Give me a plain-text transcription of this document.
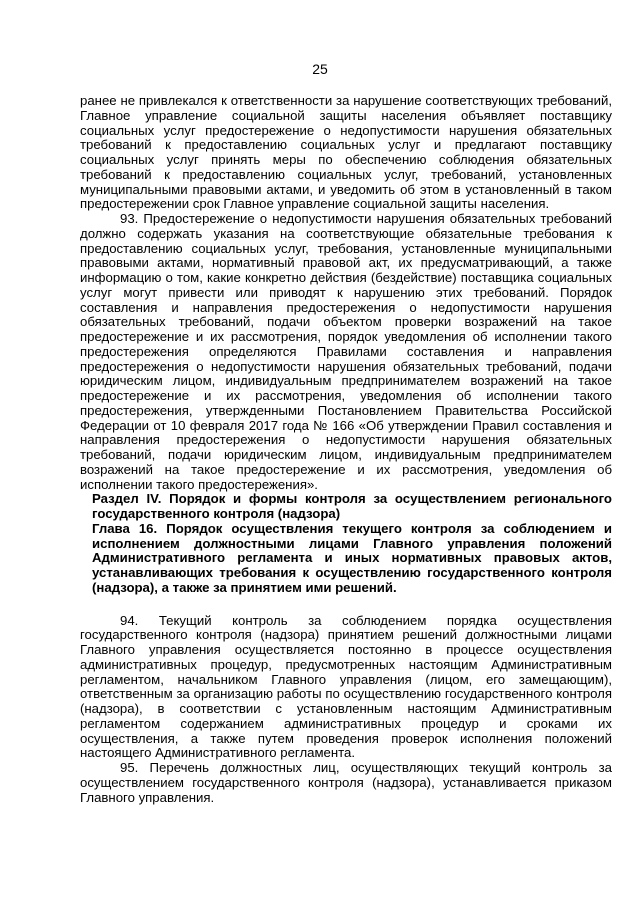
25

ранее не привлекался к ответственности за нарушение соответствующих требований, Главное управление социальной защиты населения объявляет поставщику социальных услуг предостережение о недопустимости нарушения обязательных требований к предоставлению социальных услуг и предлагают поставщику социальных услуг принять меры по обеспечению соблюдения обязательных требований к предоставлению социальных услуг, требований, установленных муниципальными правовыми актами, и уведомить об этом в установленный в таком предостережении срок Главное управление социальной защиты населения.

93. Предостережение о недопустимости нарушения обязательных требований должно содержать указания на соответствующие обязательные требования к предоставлению социальных услуг, требования, установленные муниципальными правовыми актами, нормативный правовой акт, их предусматривающий, а также информацию о том, какие конкретно действия (бездействие) поставщика социальных услуг могут привести или приводят к нарушению этих требований. Порядок составления и направления предостережения о недопустимости нарушения обязательных требований, подачи объектом проверки возражений на такое предостережение и их рассмотрения, порядок уведомления об исполнении такого предостережения определяются Правилами составления и направления предостережения о недопустимости нарушения обязательных требований, подачи юридическим лицом, индивидуальным предпринимателем возражений на такое предостережение и их рассмотрения, уведомления об исполнении такого предостережения, утвержденными Постановлением Правительства Российской Федерации от 10 февраля 2017 года № 166 «Об утверждении Правил составления и направления предостережения о недопустимости нарушения обязательных требований, подачи юридическим лицом, индивидуальным предпринимателем возражений на такое предостережение и их рассмотрения, уведомления об исполнении такого предостережения».

Раздел IV. Порядок и формы контроля за осуществлением регионального государственного контроля (надзора)

Глава 16. Порядок осуществления текущего контроля за соблюдением и исполнением должностными лицами Главного управления положений Административного регламента и иных нормативных правовых актов, устанавливающих требования к осуществлению государственного контроля (надзора), а также за принятием ими решений.

94. Текущий контроль за соблюдением порядка осуществления государственного контроля (надзора) принятием решений должностными лицами Главного управления осуществляется постоянно в процессе осуществления административных процедур, предусмотренных настоящим Административным регламентом, начальником Главного управления (лицом, его замещающим), ответственным за организацию работы по осуществлению государственного контроля (надзора), в соответствии с установленным настоящим Административным регламентом содержанием административных процедур и сроками их осуществления, а также путем проведения проверок исполнения положений настоящего Административного регламента.

95. Перечень должностных лиц, осуществляющих текущий контроль за осуществлением государственного контроля (надзора), устанавливается приказом Главного управления.
